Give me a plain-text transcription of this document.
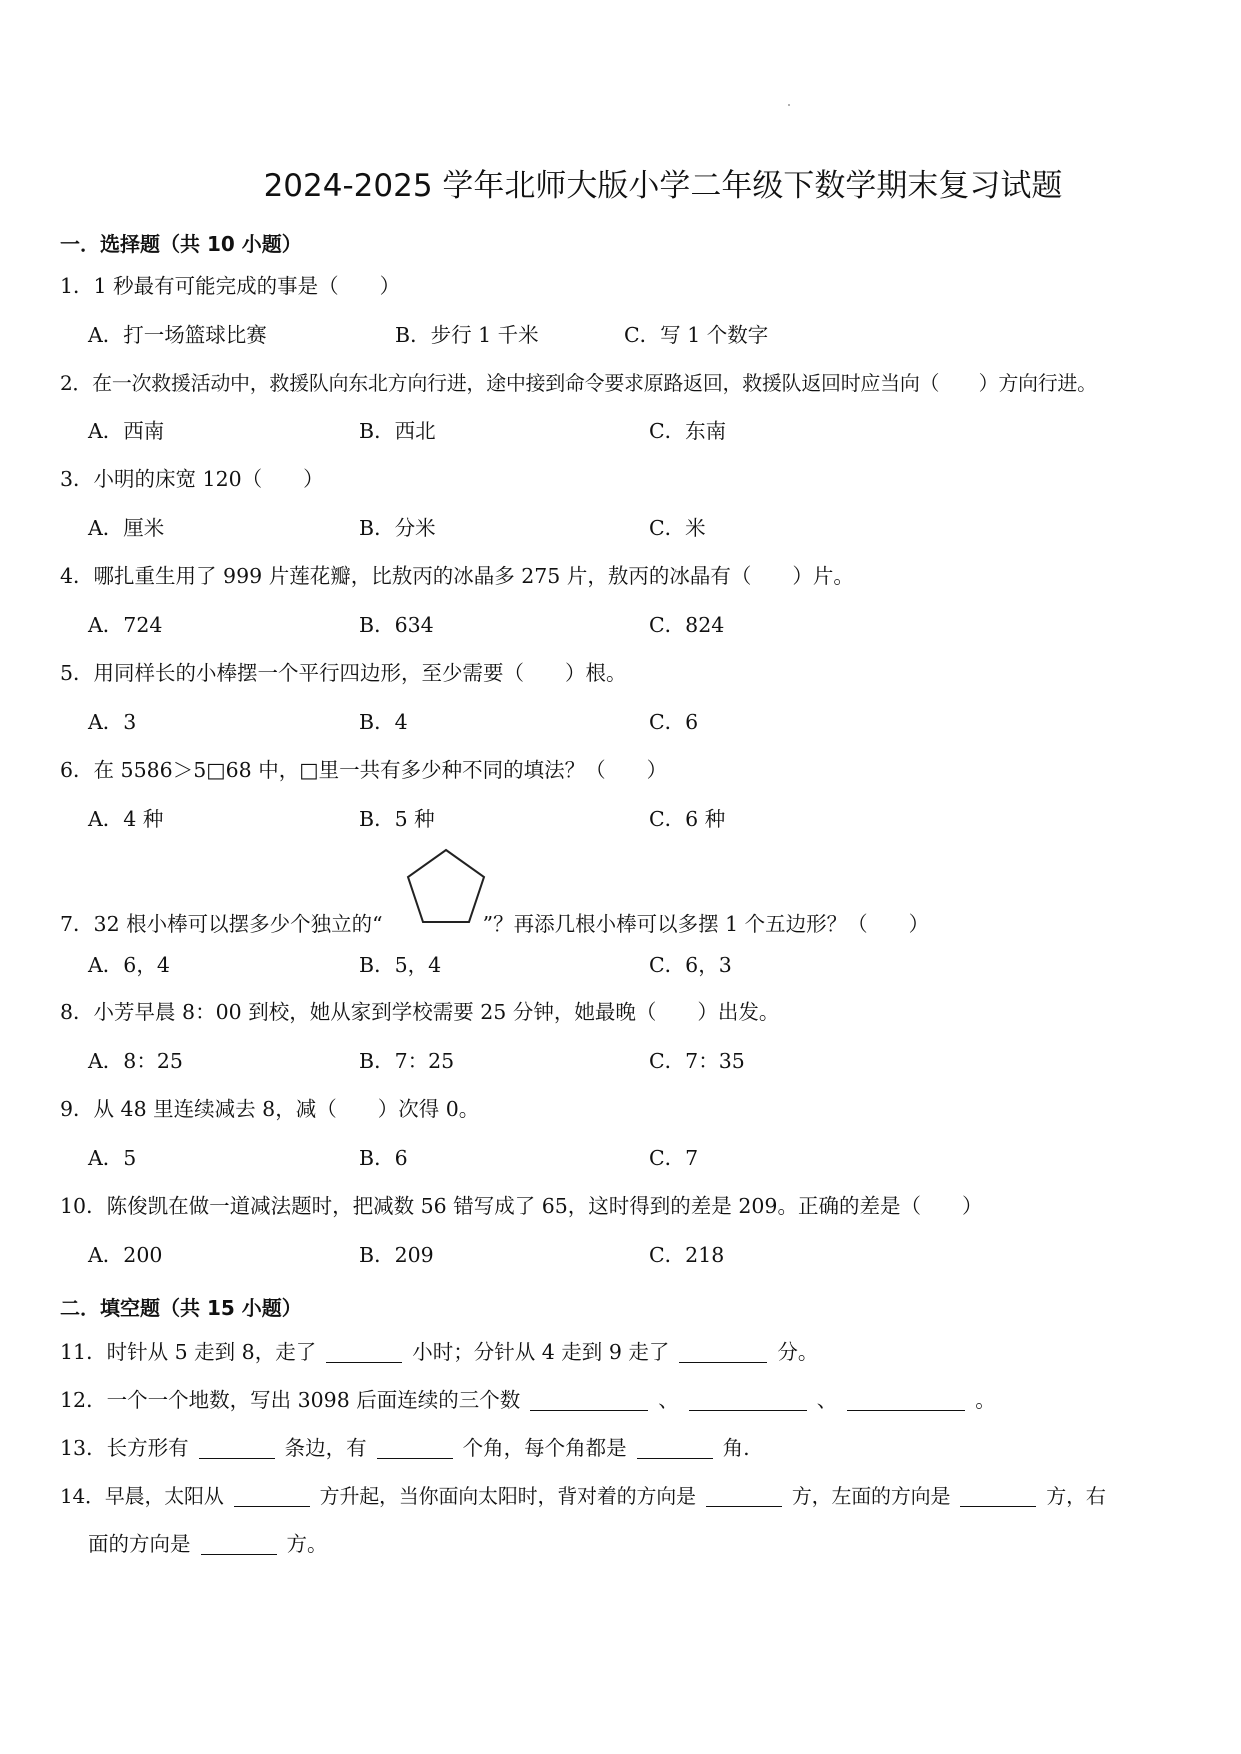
2024-2025 学年北师大版小学二年级下数学期末复习试题
一．选择题（共 10 小题）
1．1 秒最有可能完成的事是（　　）
A．打一场篮球比赛	B．步行 1 千米	C．写 1 个数字
2．在一次救援活动中，救援队向东北方向行进，途中接到命令要求原路返回，救援队返回时应当向（　　）方向行进。
A．西南	B．西北	C．东南
3．小明的床宽 120（　　）
A．厘米	B．分米	C．米
4．哪扎重生用了 999 片莲花瓣，比敖丙的冰晶多 275 片，敖丙的冰晶有（　　）片。
A．724	B．634	C．824
5．用同样长的小棒摆一个平行四边形，至少需要（　　）根。
A．3	B．4	C．6
6．在 5586＞5□68 中，□里一共有多少种不同的填法？（　　）
A．4 种	B．5 种	C．6 种
7．32 根小棒可以摆多少个独立的“	”？再添几根小棒可以多摆 1 个五边形？（　　）
A．6，4	B．5，4	C．6，3
8．小芳早晨 8：00 到校，她从家到学校需要 25 分钟，她最晚（　　）出发。
A．8：25	B．7：25	C．7：35
9．从 48 里连续减去 8，减（　　）次得 0。
A．5	B．6	C．7
10．陈俊凯在做一道减法题时，把减数 56 错写成了 65，这时得到的差是 209。正确的差是（　　）
A．200	B．209	C．218
二．填空题（共 15 小题）
11．时针从 5 走到 8，走了	小时；分针从 4 走到 9 走了	分。
12．一个一个地数，写出 3098 后面连续的三个数	、	、	。
13．长方形有	条边，有	个角，每个角都是	角.
14．早晨，太阳从	方升起，当你面向太阳时，背对着的方向是	方，左面的方向是	方，右
面的方向是	方。
